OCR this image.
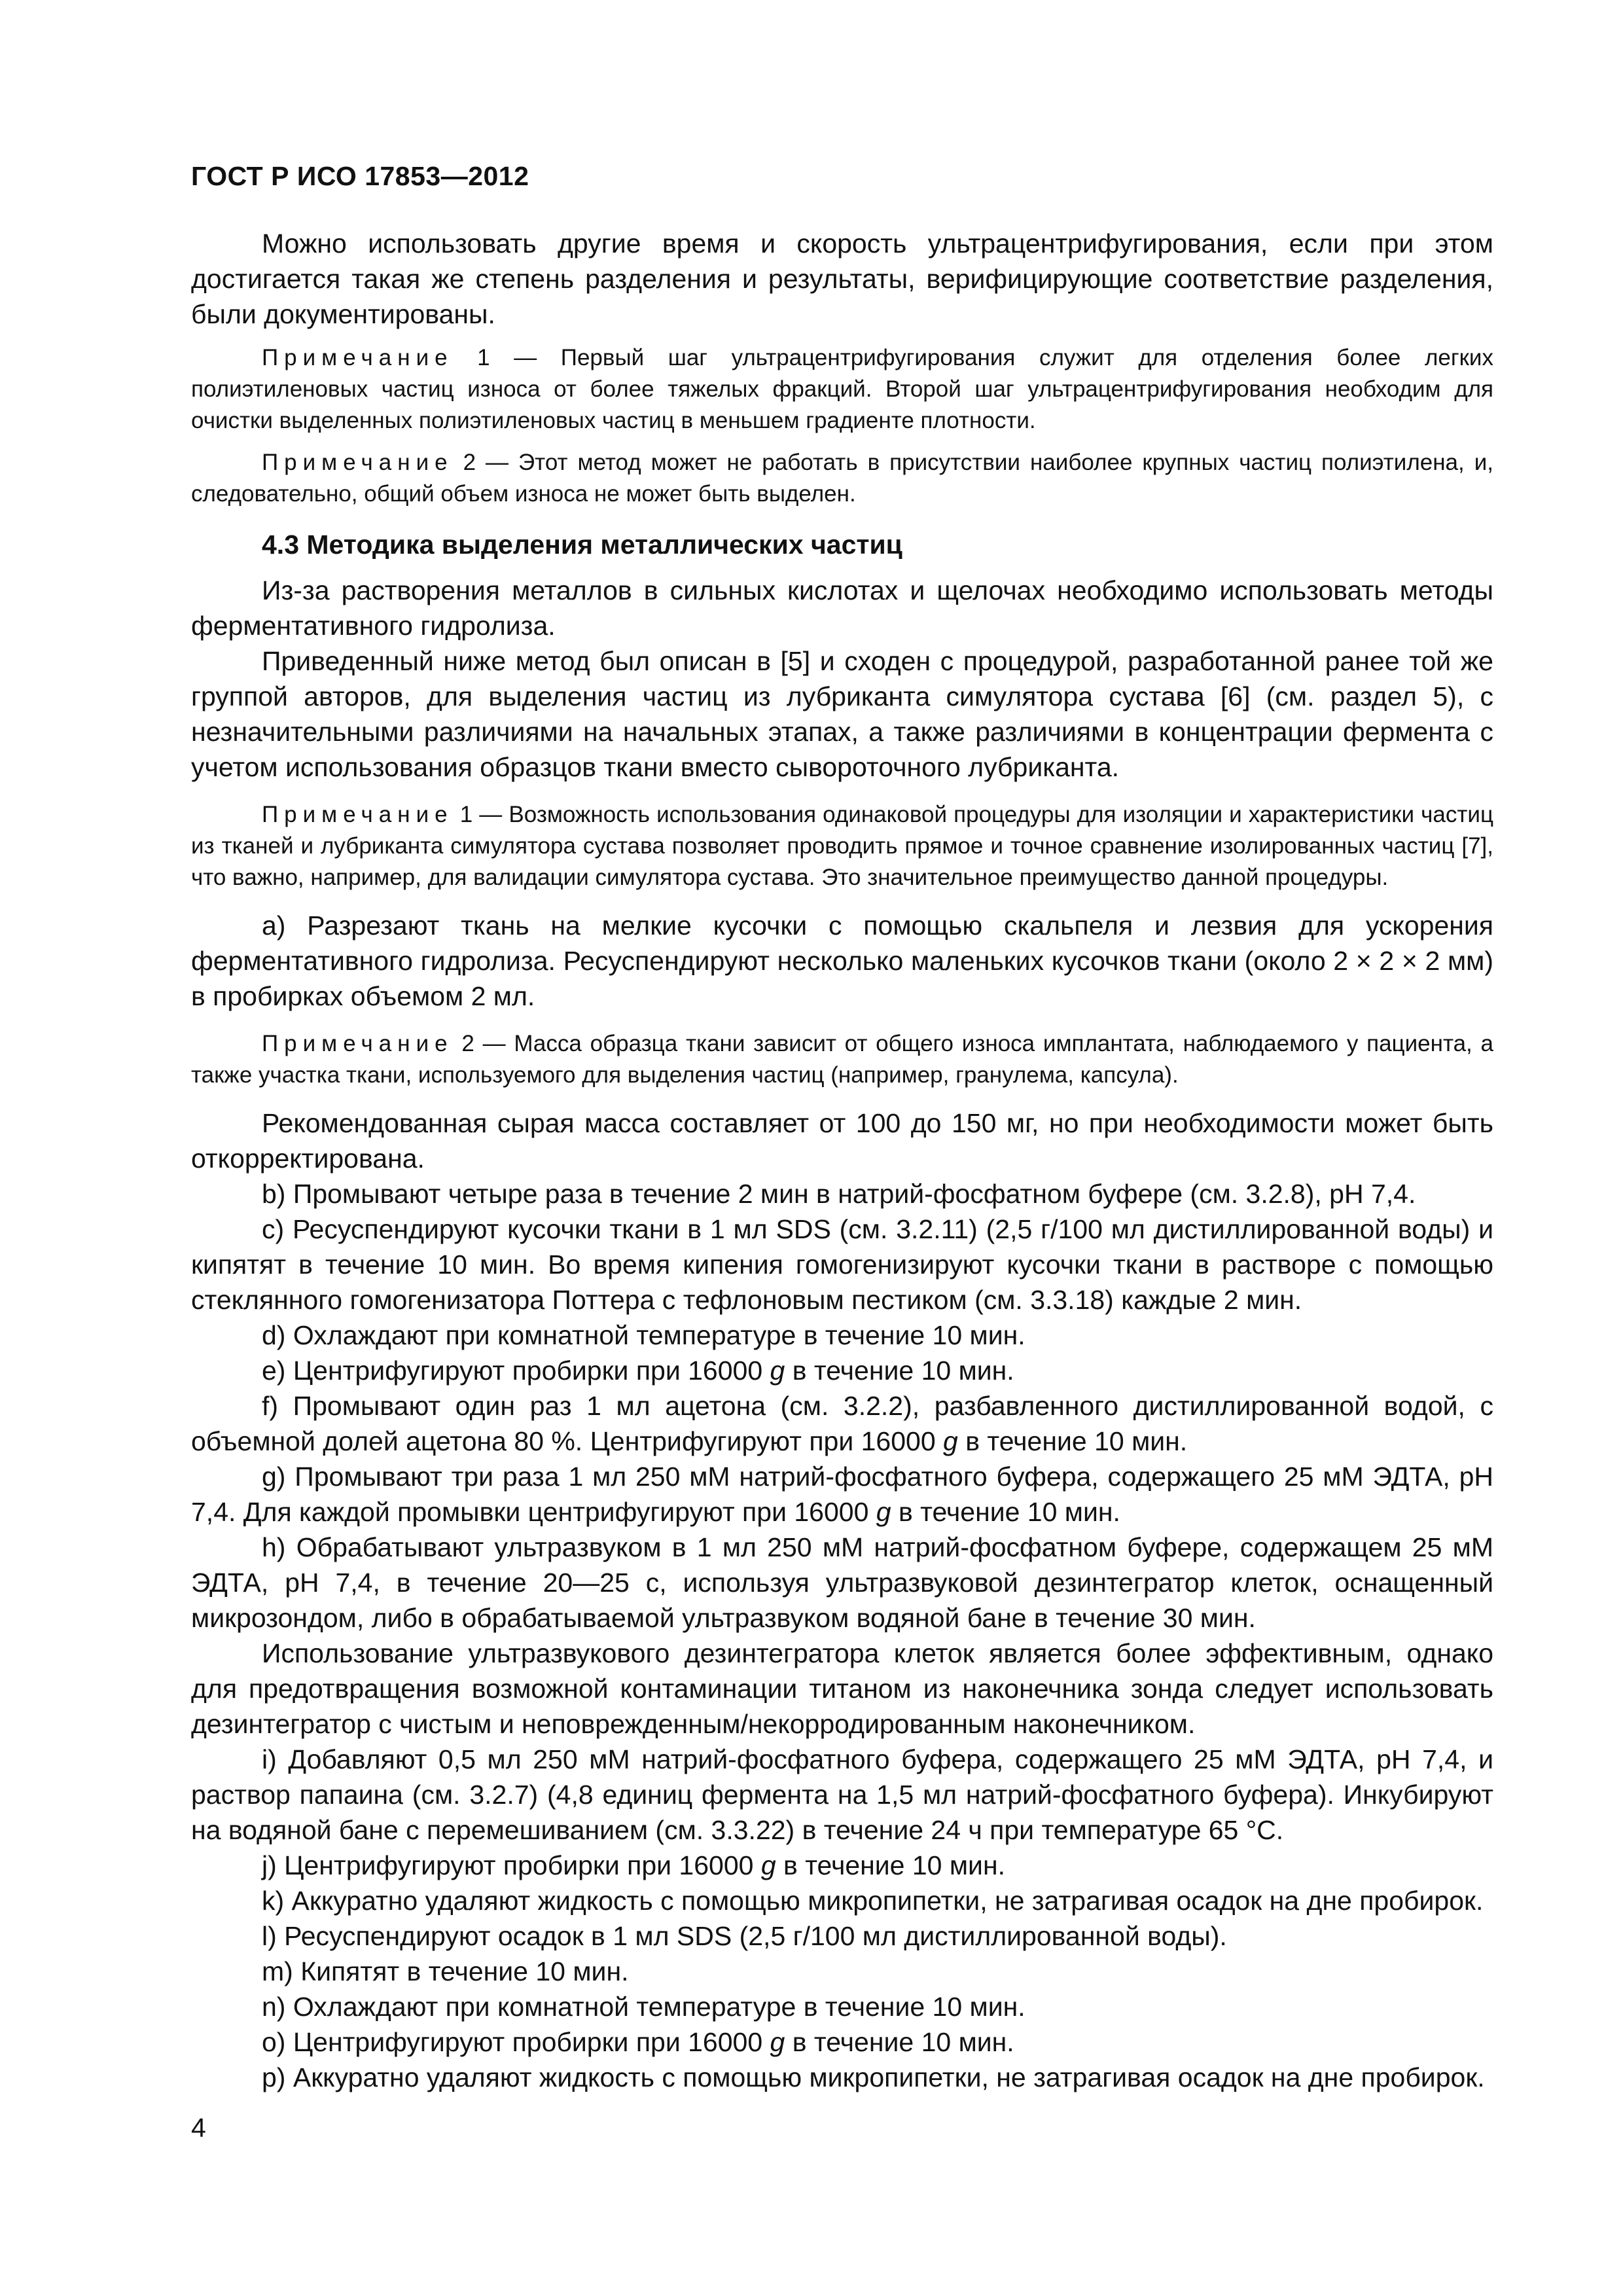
ГОСТ Р ИСО 17853—2012

Можно использовать другие время и скорость ультрацентрифугирования, если при этом достигается такая же степень разделения и результаты, верифицирующие соответствие разделения, были документированы.

Примечание 1 — Первый шаг ультрацентрифугирования служит для отделения более легких полиэтиленовых частиц износа от более тяжелых фракций. Второй шаг ультрацентрифугирования необходим для очистки выделенных полиэтиленовых частиц в меньшем градиенте плотности.

Примечание 2 — Этот метод может не работать в присутствии наиболее крупных частиц полиэтилена, и, следовательно, общий объем износа не может быть выделен.

4.3 Методика выделения металлических частиц

Из-за растворения металлов в сильных кислотах и щелочах необходимо использовать методы ферментативного гидролиза.

Приведенный ниже метод был описан в [5] и сходен с процедурой, разработанной ранее той же группой авторов, для выделения частиц из лубриканта симулятора сустава [6] (см. раздел 5), с незначительными различиями на начальных этапах, а также различиями в концентрации фермента с учетом использования образцов ткани вместо сывороточного лубриканта.

Примечание 1 — Возможность использования одинаковой процедуры для изоляции и характеристики частиц из тканей и лубриканта симулятора сустава позволяет проводить прямое и точное сравнение изолированных частиц [7], что важно, например, для валидации симулятора сустава. Это значительное преимущество данной процедуры.

a) Разрезают ткань на мелкие кусочки с помощью скальпеля и лезвия для ускорения ферментативного гидролиза. Ресуспендируют несколько маленьких кусочков ткани (около 2 × 2 × 2 мм) в пробирках объемом 2 мл.

Примечание 2 — Масса образца ткани зависит от общего износа имплантата, наблюдаемого у пациента, а также участка ткани, используемого для выделения частиц (например, гранулема, капсула).

Рекомендованная сырая масса составляет от 100 до 150 мг, но при необходимости может быть откорректирована.

b) Промывают четыре раза в течение 2 мин в натрий-фосфатном буфере (см. 3.2.8), pH 7,4.

c) Ресуспендируют кусочки ткани в 1 мл SDS (см. 3.2.11) (2,5 г/100 мл дистиллированной воды) и кипятят в течение 10 мин. Во время кипения гомогенизируют кусочки ткани в растворе с помощью стеклянного гомогенизатора Поттера с тефлоновым пестиком (см. 3.3.18) каждые 2 мин.

d) Охлаждают при комнатной температуре в течение 10 мин.

e) Центрифугируют пробирки при 16000 g в течение 10 мин.

f) Промывают один раз 1 мл ацетона (см. 3.2.2), разбавленного дистиллированной водой, с объемной долей ацетона 80 %. Центрифугируют при 16000 g в течение 10 мин.

g) Промывают три раза 1 мл 250 мМ натрий-фосфатного буфера, содержащего 25 мМ ЭДТА, pH 7,4. Для каждой промывки центрифугируют при 16000 g в течение 10 мин.

h) Обрабатывают ультразвуком в 1 мл 250 мМ натрий-фосфатном буфере, содержащем 25 мМ ЭДТА, pH 7,4, в течение 20—25 с, используя ультразвуковой дезинтегратор клеток, оснащенный микрозондом, либо в обрабатываемой ультразвуком водяной бане в течение 30 мин.

Использование ультразвукового дезинтегратора клеток является более эффективным, однако для предотвращения возможной контаминации титаном из наконечника зонда следует использовать дезинтегратор с чистым и неповрежденным/некорродированным наконечником.

i) Добавляют 0,5 мл 250 мМ натрий-фосфатного буфера, содержащего 25 мМ ЭДТА, pH 7,4, и раствор папаина (см. 3.2.7) (4,8 единиц фермента на 1,5 мл натрий-фосфатного буфера). Инкубируют на водяной бане с перемешиванием (см. 3.3.22) в течение 24 ч при температуре 65 °C.

j) Центрифугируют пробирки при 16000 g в течение 10 мин.

k) Аккуратно удаляют жидкость с помощью микропипетки, не затрагивая осадок на дне пробирок.

l) Ресуспендируют осадок в 1 мл SDS (2,5 г/100 мл дистиллированной воды).

m) Кипятят в течение 10 мин.

n) Охлаждают при комнатной температуре в течение 10 мин.

o) Центрифугируют пробирки при 16000 g в течение 10 мин.

p) Аккуратно удаляют жидкость с помощью микропипетки, не затрагивая осадок на дне пробирок.

4
